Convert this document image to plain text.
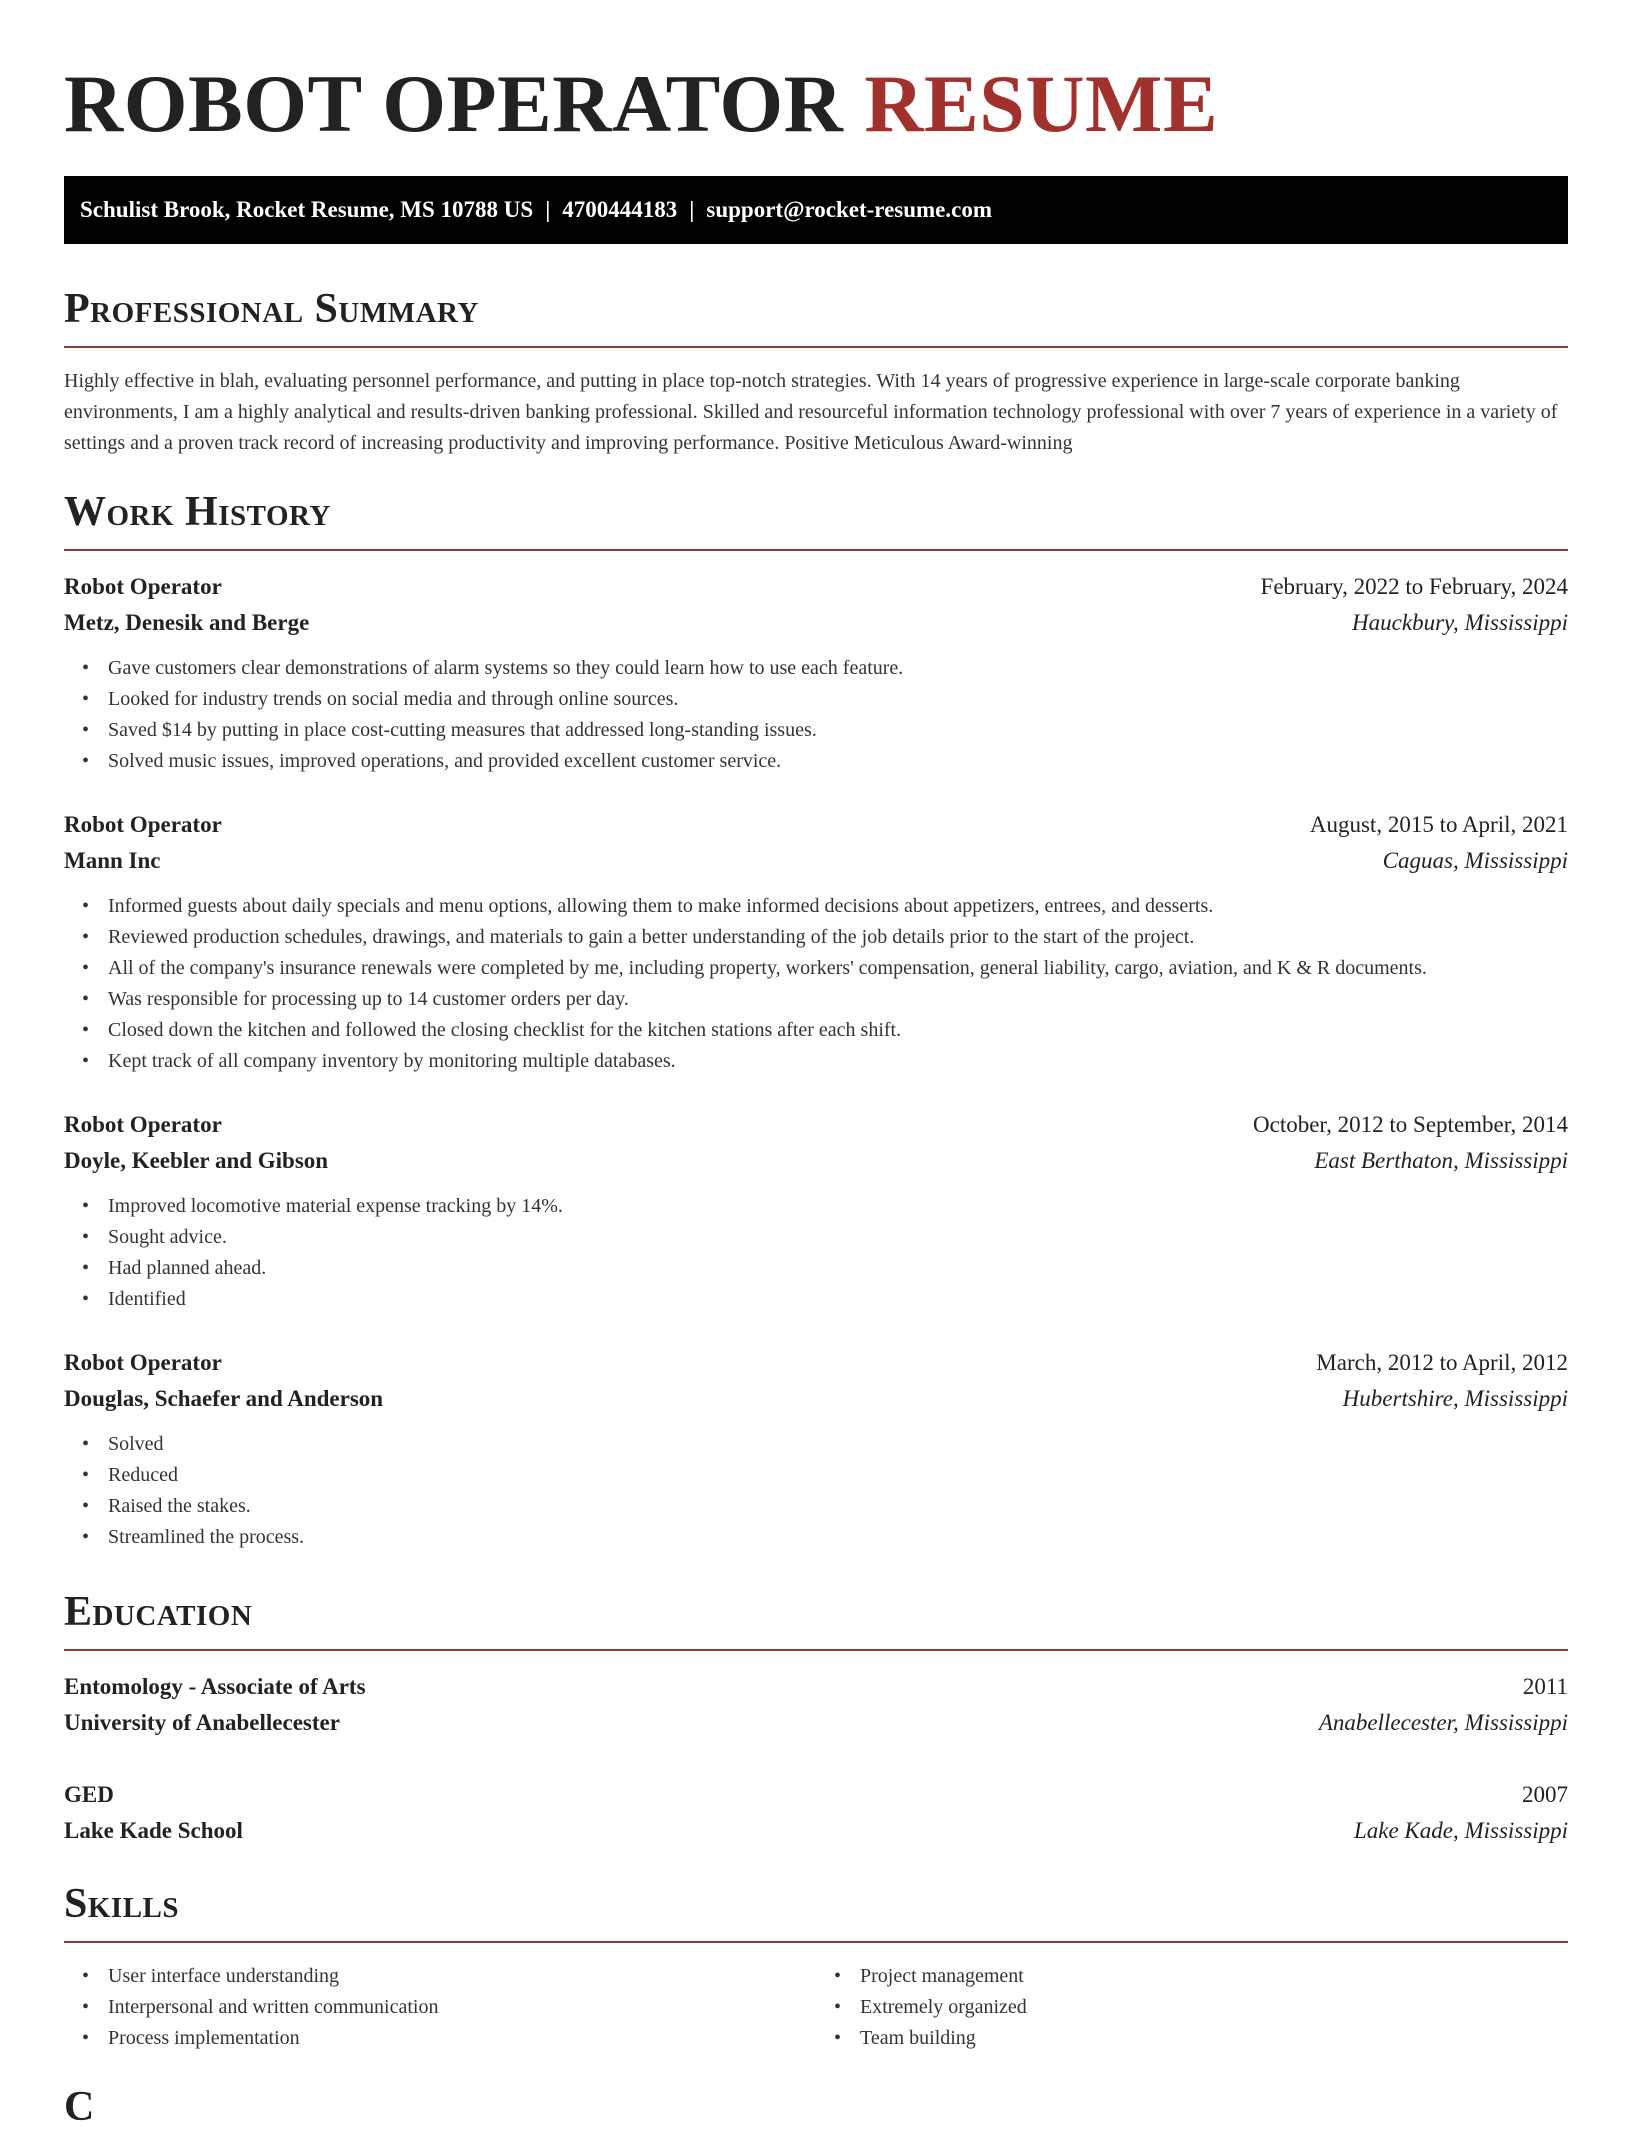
ROBOT OPERATOR RESUME
Schulist Brook, Rocket Resume, MS 10788 US | 4700444183 | support@rocket-resume.com
Professional Summary

Highly effective in blah, evaluating personnel performance, and putting in place top-notch strategies. With 14 years of progressive experience in large-scale corporate banking environments, I am a highly analytical and results-driven banking professional. Skilled and resourceful information technology professional with over 7 years of experience in a variety of settings and a proven track record of increasing productivity and improving performance. Positive Meticulous Award-winning

Work History
Robot Operator	February, 2022 to February, 2024
Metz, Denesik and Berge	Hauckbury, Mississippi
• Gave customers clear demonstrations of alarm systems so they could learn how to use each feature.
• Looked for industry trends on social media and through online sources.
• Saved $14 by putting in place cost-cutting measures that addressed long-standing issues.
• Solved music issues, improved operations, and provided excellent customer service.
Robot Operator	August, 2015 to April, 2021
Mann Inc	Caguas, Mississippi
• Informed guests about daily specials and menu options, allowing them to make informed decisions about appetizers, entrees, and desserts.
• Reviewed production schedules, drawings, and materials to gain a better understanding of the job details prior to the start of the project.
• All of the company's insurance renewals were completed by me, including property, workers' compensation, general liability, cargo, aviation, and K & R documents.
• Was responsible for processing up to 14 customer orders per day.
• Closed down the kitchen and followed the closing checklist for the kitchen stations after each shift.
• Kept track of all company inventory by monitoring multiple databases.
Robot Operator	October, 2012 to September, 2014
Doyle, Keebler and Gibson	East Berthaton, Mississippi
• Improved locomotive material expense tracking by 14%.
• Sought advice.
• Had planned ahead.
• Identified
Robot Operator	March, 2012 to April, 2012
Douglas, Schaefer and Anderson	Hubertshire, Mississippi
• Solved
• Reduced
• Raised the stakes.
• Streamlined the process.
Education
Entomology - Associate of Arts	2011
University of Anabellecester	Anabellecester, Mississippi
GED	2007
Lake Kade School	Lake Kade, Mississippi
Skills
• User interface understanding
• Interpersonal and written communication
• Process implementation
• Project management
• Extremely organized
• Team building
C
